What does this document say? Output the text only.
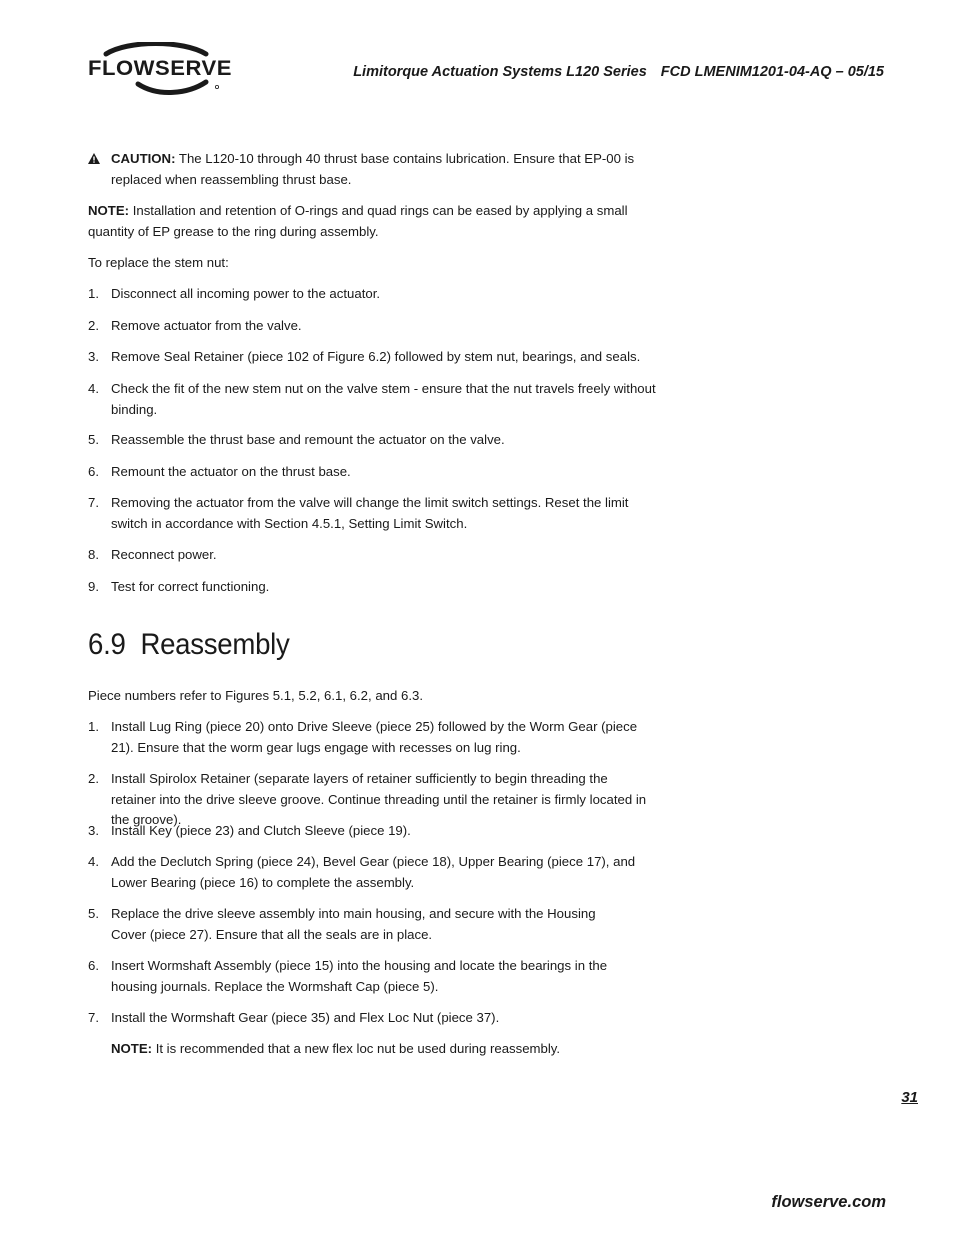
FLOWSERVE	Limitorque Actuation Systems L120 Series FCD LMENIM1201-04-AQ – 05/15
CAUTION: The L120-10 through 40 thrust base contains lubrication. Ensure that EP-00 is replaced when reassembling thrust base.
NOTE: Installation and retention of O-rings and quad rings can be eased by applying a small quantity of EP grease to the ring during assembly.
To replace the stem nut:
1. Disconnect all incoming power to the actuator.
2. Remove actuator from the valve.
3. Remove Seal Retainer (piece 102 of Figure 6.2) followed by stem nut, bearings, and seals.
4. Check the fit of the new stem nut on the valve stem - ensure that the nut travels freely without binding.
5. Reassemble the thrust base and remount the actuator on the valve.
6. Remount the actuator on the thrust base.
7. Removing the actuator from the valve will change the limit switch settings. Reset the limit switch in accordance with Section 4.5.1, Setting Limit Switch.
8. Reconnect power.
9. Test for correct functioning.
6.9 Reassembly
Piece numbers refer to Figures 5.1, 5.2, 6.1, 6.2, and 6.3.
1. Install Lug Ring (piece 20) onto Drive Sleeve (piece 25) followed by the Worm Gear (piece 21). Ensure that the worm gear lugs engage with recesses on lug ring.
2. Install Spirolox Retainer (separate layers of retainer sufficiently to begin threading the retainer into the drive sleeve groove. Continue threading until the retainer is firmly located in the groove).
3. Install Key (piece 23) and Clutch Sleeve (piece 19).
4. Add the Declutch Spring (piece 24), Bevel Gear (piece 18), Upper Bearing (piece 17), and Lower Bearing (piece 16) to complete the assembly.
5. Replace the drive sleeve assembly into main housing, and secure with the Housing Cover (piece 27). Ensure that all the seals are in place.
6. Insert Wormshaft Assembly (piece 15) into the housing and locate the bearings in the housing journals. Replace the Wormshaft Cap (piece 5).
7. Install the Wormshaft Gear (piece 35) and Flex Loc Nut (piece 37).
NOTE: It is recommended that a new flex loc nut be used during reassembly.
31
flowserve.com
